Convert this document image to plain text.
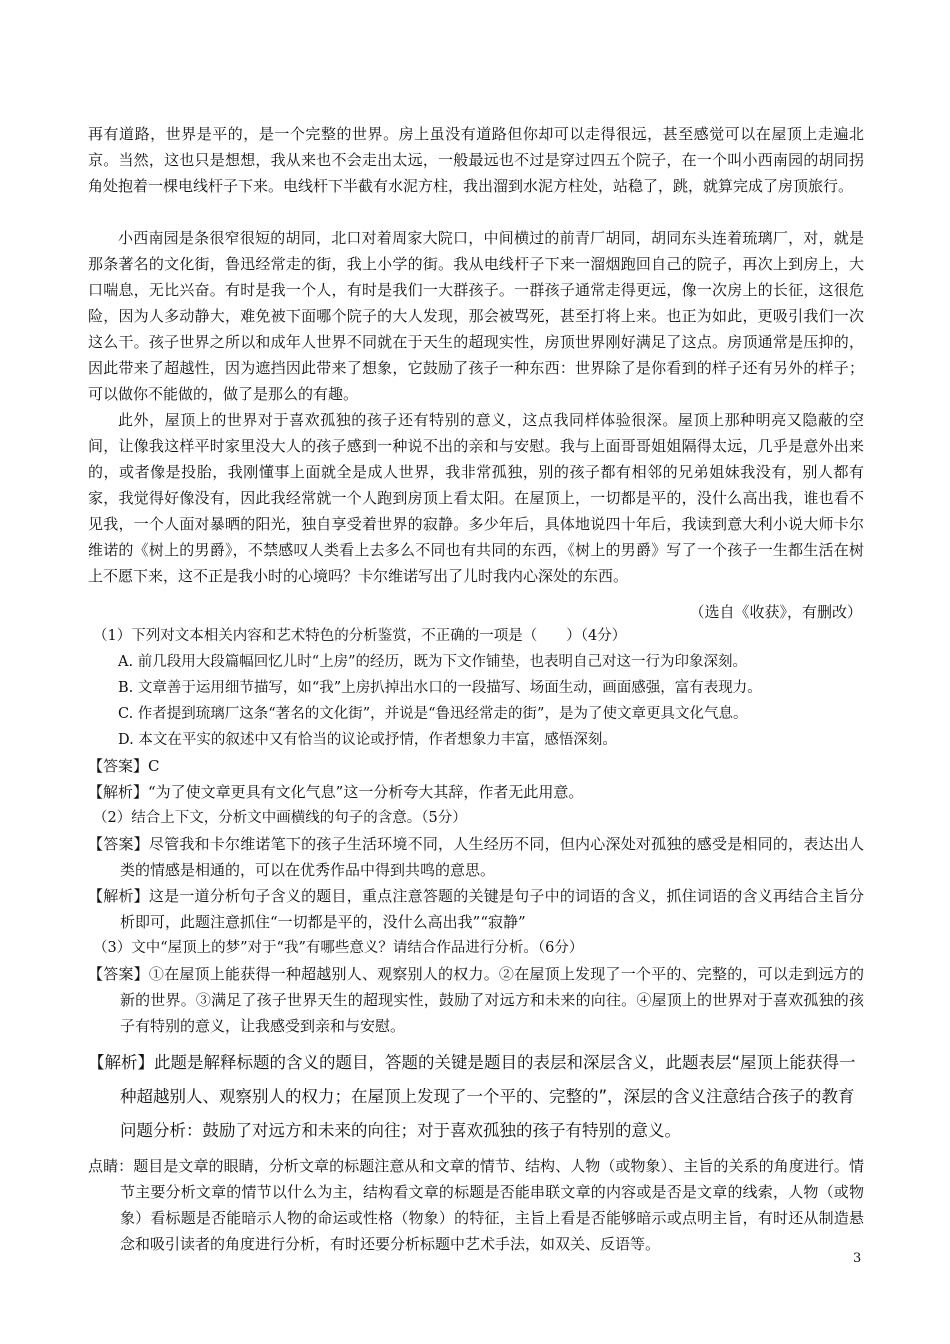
再有道路，世界是平的，是一个完整的世界。房上虽没有道路但你却可以走得很远，甚至感觉可以在屋顶上走遍北京。当然，这也只是想想，我从来也不会走出太远，一般最远也不过是穿过四五个院子，在一个叫小西南园的胡同拐角处抱着一棵电线杆子下来。电线杆下半截有水泥方柱，我出溜到水泥方柱处，站稳了，跳，就算完成了房顶旅行。

小西南园是条很窄很短的胡同，北口对着周家大院口，中间横过的前青厂胡同，胡同东头连着琉璃厂，对，就是那条著名的文化街，鲁迅经常走的街，我上小学的街。我从电线杆子下来一溜烟跑回自己的院子，再次上到房上，大口喘息，无比兴奋。有时是我一个人，有时是我们一大群孩子。一群孩子通常走得更远，像一次房上的长征，这很危险，因为人多动静大，难免被下面哪个院子的大人发现，那会被骂死，甚至打将上来。也正为如此，更吸引我们一次这么干。孩子世界之所以和成年人世界不同就在于天生的超现实性，房顶世界刚好满足了这点。房顶通常是压抑的，因此带来了超越性，因为遮挡因此带来了想象，它鼓励了孩子一种东西：世界除了是你看到的样子还有另外的样子；可以做你不能做的，做了是那么的有趣。

此外，屋顶上的世界对于喜欢孤独的孩子还有特别的意义，这点我同样体验很深。屋顶上那种明亮又隐蔽的空间，让像我这样平时家里没大人的孩子感到一种说不出的亲和与安慰。我与上面哥哥姐姐隔得太远，几乎是意外出来的，或者像是投胎，我刚懂事上面就全是成人世界，我非常孤独，别的孩子都有相邻的兄弟姐妹我没有，别人都有家，我觉得好像没有，因此我经常就一个人跑到房顶上看太阳。在屋顶上，一切都是平的，没什么高出我，谁也看不见我，一个人面对暴晒的阳光，独自享受着世界的寂静。多少年后，具体地说四十年后，我读到意大利小说大师卡尔维诺的《树上的男爵》，不禁感叹人类看上去多么不同也有共同的东西，《树上的男爵》写了一个孩子一生都生活在树上不愿下来，这不正是我小时的心境吗？卡尔维诺写出了儿时我内心深处的东西。

（选自《收获》，有删改）

（1）下列对文本相关内容和艺术特色的分析鉴赏，不正确的一项是（　　）（4分）

A. 前几段用大段篇幅回忆儿时“上房”的经历，既为下文作铺垫，也表明自己对这一行为印象深刻。

B. 文章善于运用细节描写，如“我”上房扒掉出水口的一段描写、场面生动，画面感强，富有表现力。

C. 作者提到琉璃厂这条“著名的文化街”，并说是“鲁迅经常走的街”，是为了使文章更具文化气息。

D. 本文在平实的叙述中又有恰当的议论或抒情，作者想象力丰富，感悟深刻。

【答案】C

【解析】“为了使文章更具有文化气息”这一分析夸大其辞，作者无此用意。

（2）结合上下文，分析文中画横线的句子的含意。（5分）

【答案】尽管我和卡尔维诺笔下的孩子生活环境不同，人生经历不同，但内心深处对孤独的感受是相同的，表达出人类的情感是相通的，可以在优秀作品中得到共鸣的意思。

【解析】这是一道分析句子含义的题目，重点注意答题的关键是句子中的词语的含义，抓住词语的含义再结合主旨分析即可，此题注意抓住“一切都是平的，没什么高出我”“寂静”

（3）文中“屋顶上的梦”对于“我”有哪些意义？请结合作品进行分析。（6分）

【答案】①在屋顶上能获得一种超越别人、观察别人的权力。②在屋顶上发现了一个平的、完整的，可以走到远方的新的世界。③满足了孩子世界天生的超现实性，鼓励了对远方和未来的向往。④屋顶上的世界对于喜欢孤独的孩子有特别的意义，让我感受到亲和与安慰。

【解析】此题是解释标题的含义的题目，答题的关键是题目的表层和深层含义，此题表层“屋顶上能获得一种超越别人、观察别人的权力；在屋顶上发现了一个平的、完整的”，深层的含义注意结合孩子的教育问题分析：鼓励了对远方和未来的向往；对于喜欢孤独的孩子有特别的意义。

点睛：题目是文章的眼睛，分析文章的标题注意从和文章的情节、结构、人物（或物象）、主旨的关系的角度进行。情节主要分析文章的情节以什么为主，结构看文章的标题是否能串联文章的内容或是否是文章的线索，人物（或物象）看标题是否能暗示人物的命运或性格（物象）的特征，主旨上看是否能够暗示或点明主旨，有时还从制造悬念和吸引读者的角度进行分析，有时还要分析标题中艺术手法，如双关、反语等。

3
